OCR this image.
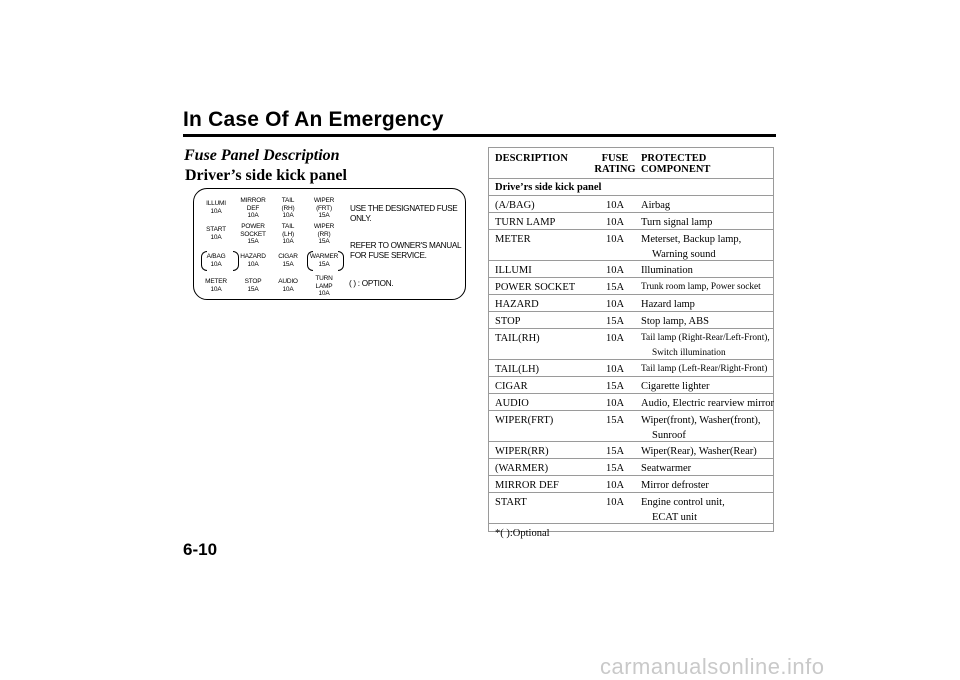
In Case Of An Emergency
Fuse Panel Description
Driver’s side kick panel
USE THE DESIGNATED FUSE ONLY.
REFER TO OWNER'S MANUAL FOR FUSE SERVICE.
( ) : OPTION.
ILLUMI
10A
MIRROR
DEF
10A
TAIL
(RH)
10A
WIPER
(FRT)
15A
START
10A
POWER
SOCKET
15A
TAIL
(LH)
10A
WIPER
(RR)
15A
A/BAG
10A
HAZARD
10A
CIGAR
15A
WARMER
15A
METER
10A
STOP
15A
AUDIO
10A
TURN
LAMP
10A
6-10
DESCRIPTION	FUSE
RATING
PROTECTED
COMPONENT
Drive’rs side kick panel
(A/BAG)	10A	Airbag
TURN LAMP	10A	Turn signal lamp
METER	10A	Meterset, Backup lamp,
Warning sound
ILLUMI	10A	Illumination
POWER SOCKET	15A	Trunk room lamp, Power socket
HAZARD	10A	Hazard lamp
STOP	15A	Stop lamp, ABS
TAIL(RH)	10A	Tail lamp (Right-Rear/Left-Front),
Switch illumination
TAIL(LH)	10A	Tail lamp (Left-Rear/Right-Front)
CIGAR	15A	Cigarette lighter
AUDIO	10A	Audio, Electric rearview mirror
WIPER(FRT)	15A	Wiper(front), Washer(front),
Sunroof
WIPER(RR)	15A	Wiper(Rear), Washer(Rear)
(WARMER)	15A	Seatwarmer
MIRROR DEF	10A	Mirror defroster
START	10A	Engine control unit,
ECAT unit
*( ):Optional
carmanualsonline.info
